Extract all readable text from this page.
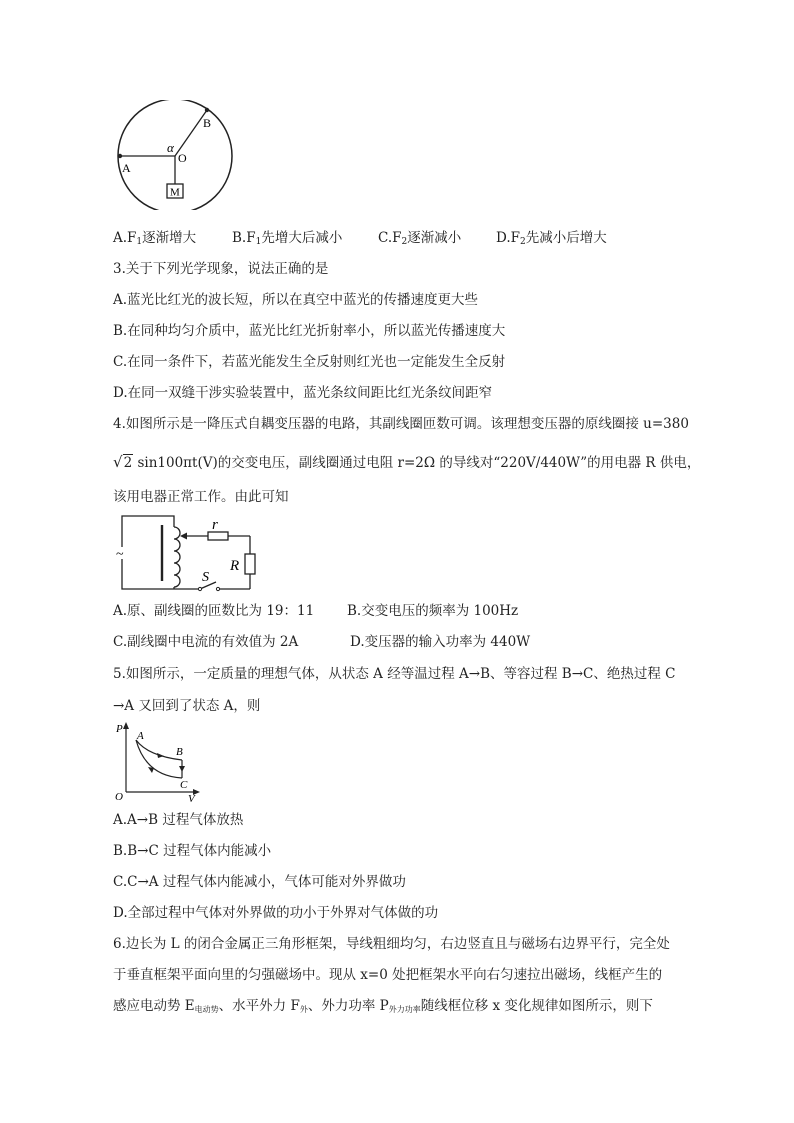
A
B
O
α
M
$A.F_1$逐渐增大	$B.F_1$先增大后减小	$C.F_2$逐渐减小	$D.F_2$先减小后增大
3.关于下列光学现象，说法正确的是
A.蓝光比红光的波长短，所以在真空中蓝光的传播速度更大些
B.在同种均匀介质中，蓝光比红光折射率小，所以蓝光传播速度大
C.在同一条件下，若蓝光能发生全反射则红光也一定能发生全反射
D.在同一双缝干涉实验装置中，蓝光条纹间距比红光条纹间距窄
4.如图所示是一降压式自耦变压器的电路，其副线圈匝数可调。该理想变压器的原线圈接 u=380
√2 sin100πt(V)的交变电压，副线圈通过电阻 r=2Ω 的导线对“220V/440W”的用电器 R 供电，
该用电器正常工作。由此可知
~
r
R
S
A.原、副线圈的匝数比为 19：11 B.交变电压的频率为 100Hz
C.副线圈中电流的有效值为 2A	D.变压器的输入功率为 440W
5.如图所示，一定质量的理想气体，从状态 A 经等温过程 A→B、等容过程 B→C、绝热过程 C
→A 又回到了状态 A，则
P
V
O
A
B
C
A.A→B 过程气体放热
B.B→C 过程气体内能减小
C.C→A 过程气体内能减小，气体可能对外界做功
D.全部过程中气体对外界做的功小于外界对气体做的功
6.边长为 L 的闭合金属正三角形框架，导线粗细均匀，右边竖直且与磁场右边界平行，完全处
于垂直框架平面向里的匀强磁场中。现从 x=0 处把框架水平向右匀速拉出磁场，线框产生的
感应电动势 $E_{电动势}$、水平外力 $F_外$、外力功率 $P_{外力功率}$随线框位移 x 变化规律如图所示，则下
